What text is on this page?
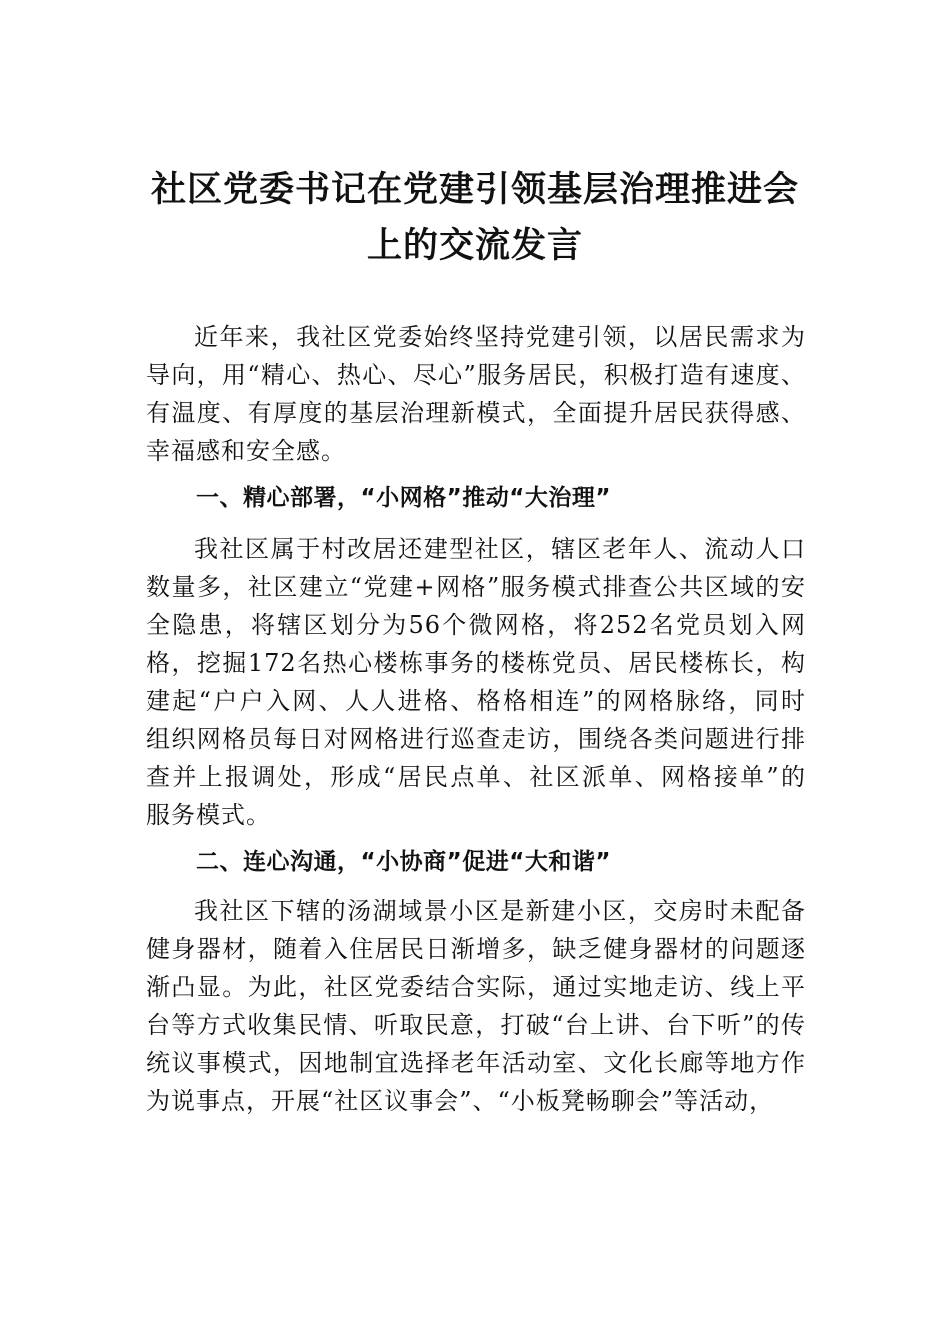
社区党委书记在党建引领基层治理推进会
上的交流发言

近年来，我社区党委始终坚持党建引领，以居民需求为导向，用“精心、热心、尽心”服务居民，积极打造有速度、 有温度、有厚度的基层治理新模式，全面提升居民获得感、 幸福感和安全感。

一、精心部署，“小网格”推动“大治理”

我社区属于村改居还建型社区，辖区老年人、流动人口数量多，社区建立“党建+网格”服务模式排查公共区域的安全隐患，将辖区划分为56个微网格，将252名党员划入网 格，挖掘172名热心楼栋事务的楼栋党员、居民楼栋长，构 建起“户户入网、人人进格、格格相连”的网格脉络，同时 组织网格员每日对网格进行巡查走访，围绕各类问题进行排 查并上报调处，形成“居民点单、社区派单、网格接单”的 服务模式。

二、连心沟通，“小协商”促进“大和谐”

我社区下辖的汤湖域景小区是新建小区，交房时未配备健身器材，随着入住居民日渐增多，缺乏健身器材的问题逐渐凸显。为此，社区党委结合实际，通过实地走访、线上平台等方式收集民情、听取民意，打破“台上讲、台下听”的传统议事模式，因地制宜选择老年活动室、文化长廊等地方作为说事点，开展“社区议事会”、“小板凳畅聊会”等活动，
